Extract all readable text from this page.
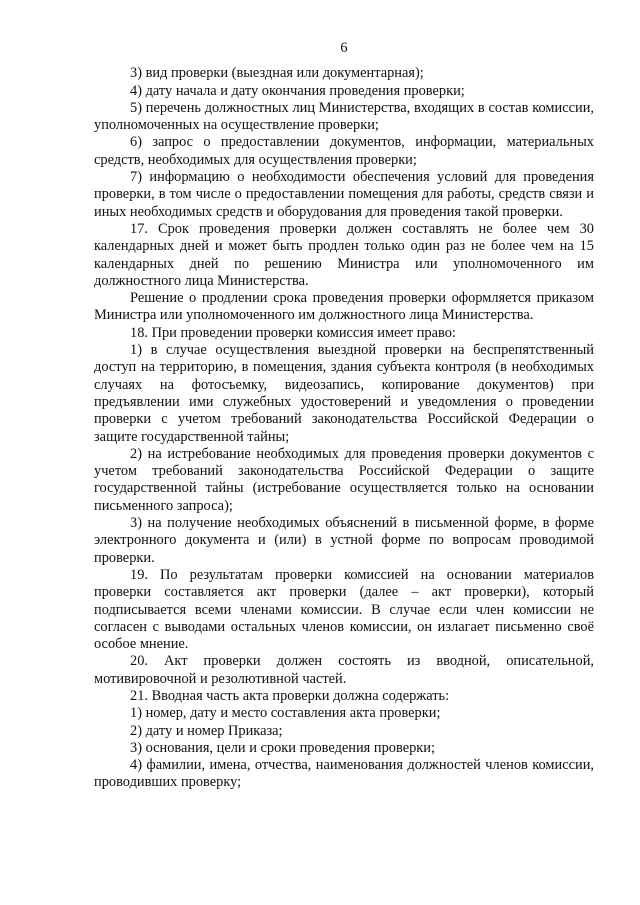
6

3) вид проверки (выездная или документарная);

4) дату начала и дату окончания проведения проверки;

5) перечень должностных лиц Министерства, входящих в состав комиссии, уполномоченных на осуществление проверки;

6) запрос о предоставлении документов, информации, материальных средств, необходимых для осуществления проверки;

7) информацию о необходимости обеспечения условий для проведения проверки, в том числе о предоставлении помещения для работы, средств связи и иных необходимых средств и оборудования для проведения такой проверки.

17. Срок проведения проверки должен составлять не более чем 30 календарных дней и может быть продлен только один раз не более чем на 15 календарных дней по решению Министра или уполномоченного им должностного лица Министерства.

Решение о продлении срока проведения проверки оформляется приказом Министра или уполномоченного им должностного лица Министерства.

18. При проведении проверки комиссия имеет право:

1) в случае осуществления выездной проверки на беспрепятственный доступ на территорию, в помещения, здания субъекта контроля (в необходимых случаях на фотосъемку, видеозапись, копирование документов) при предъявлении ими служебных удостоверений и уведомления о проведении проверки с учетом требований законодательства Российской Федерации о защите государственной тайны;

2) на истребование необходимых для проведения проверки документов с учетом требований законодательства Российской Федерации о защите государственной тайны (истребование осуществляется только на основании письменного запроса);

3) на получение необходимых объяснений в письменной форме, в форме электронного документа и (или) в устной форме по вопросам проводимой проверки.

19. По результатам проверки комиссией на основании материалов проверки составляется акт проверки (далее – акт проверки), который подписывается всеми членами комиссии. В случае если член комиссии не согласен с выводами остальных членов комиссии, он излагает письменно своё особое мнение.

20. Акт проверки должен состоять из вводной, описательной, мотивировочной и резолютивной частей.

21. Вводная часть акта проверки должна содержать:

1) номер, дату и место составления акта проверки;

2) дату и номер Приказа;

3) основания, цели и сроки проведения проверки;

4) фамилии, имена, отчества, наименования должностей членов комиссии, проводивших проверку;
